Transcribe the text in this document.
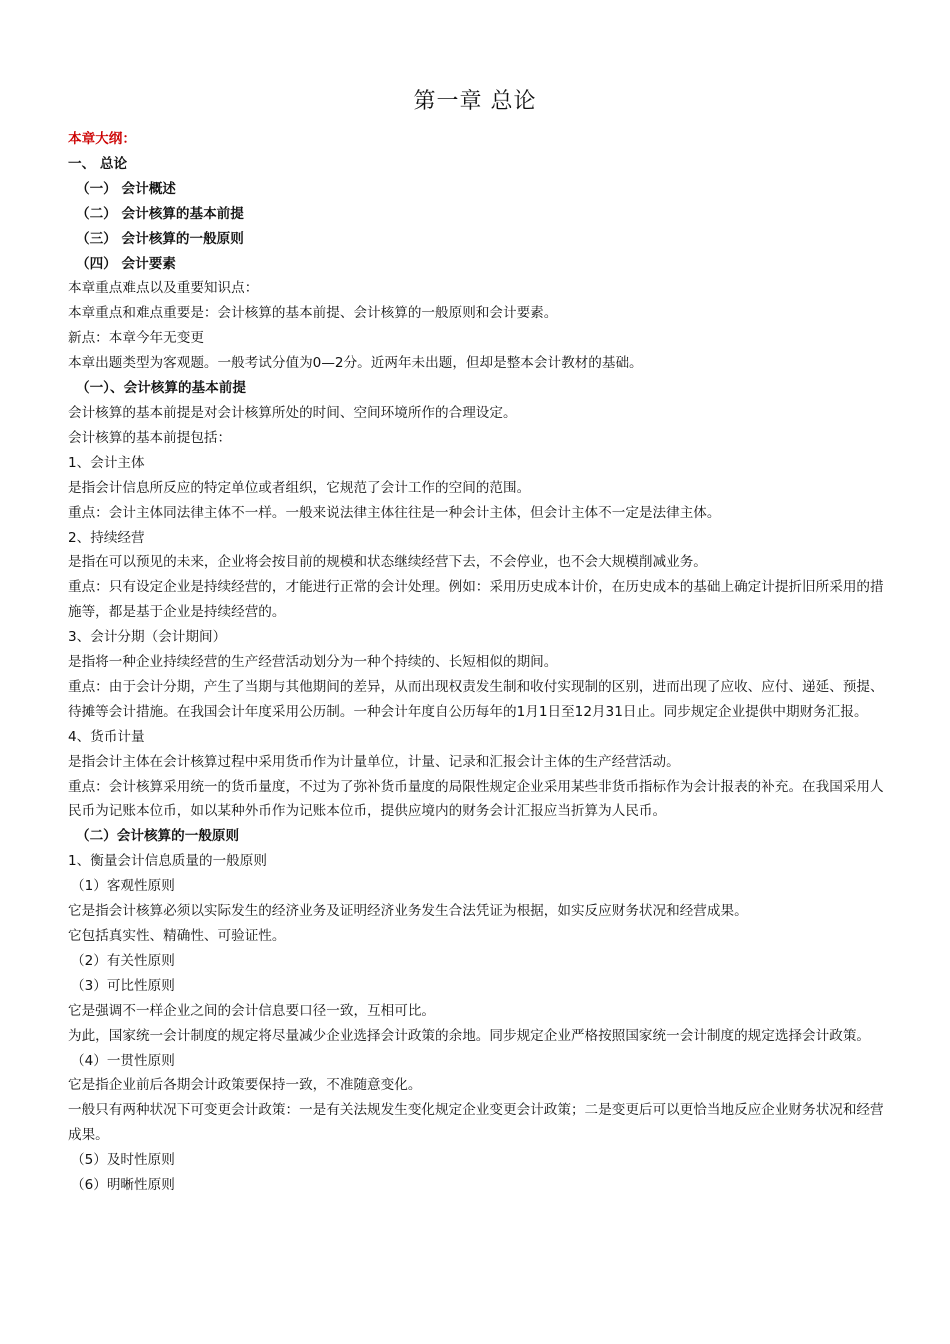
第一章 总论
本章大纲：
一、 总论
（一） 会计概述
（二） 会计核算的基本前提
（三） 会计核算的一般原则
（四） 会计要素
本章重点难点以及重要知识点：
本章重点和难点重要是：会计核算的基本前提、会计核算的一般原则和会计要素。
新点：本章今年无变更
本章出题类型为客观题。一般考试分值为0—2分。近两年未出题，但却是整本会计教材的基础。
（一）、会计核算的基本前提
会计核算的基本前提是对会计核算所处的时间、空间环境所作的合理设定。
会计核算的基本前提包括：
1、会计主体
是指会计信息所反应的特定单位或者组织，它规范了会计工作的空间的范围。
重点：会计主体同法律主体不一样。一般来说法律主体往往是一种会计主体，但会计主体不一定是法律主体。
2、持续经营
是指在可以预见的未来，企业将会按目前的规模和状态继续经营下去，不会停业，也不会大规模削减业务。
重点：只有设定企业是持续经营的，才能进行正常的会计处理。例如：采用历史成本计价，在历史成本的基础上确定计提折旧所采用的措施等，都是基于企业是持续经营的。
3、会计分期（会计期间）
是指将一种企业持续经营的生产经营活动划分为一种个持续的、长短相似的期间。
重点：由于会计分期，产生了当期与其他期间的差异，从而出现权责发生制和收付实现制的区别，进而出现了应收、应付、递延、预提、待摊等会计措施。在我国会计年度采用公历制。一种会计年度自公历每年的1月1日至12月31日止。同步规定企业提供中期财务汇报。
4、货币计量
是指会计主体在会计核算过程中采用货币作为计量单位，计量、记录和汇报会计主体的生产经营活动。
重点：会计核算采用统一的货币量度，不过为了弥补货币量度的局限性规定企业采用某些非货币指标作为会计报表的补充。在我国采用人民币为记账本位币，如以某种外币作为记账本位币，提供应境内的财务会计汇报应当折算为人民币。
（二）会计核算的一般原则
1、衡量会计信息质量的一般原则
（1）客观性原则
它是指会计核算必须以实际发生的经济业务及证明经济业务发生合法凭证为根据，如实反应财务状况和经营成果。
它包括真实性、精确性、可验证性。
（2）有关性原则
（3）可比性原则
它是强调不一样企业之间的会计信息要口径一致，互相可比。
为此，国家统一会计制度的规定将尽量减少企业选择会计政策的余地。同步规定企业严格按照国家统一会计制度的规定选择会计政策。
（4）一贯性原则
它是指企业前后各期会计政策要保持一致，不准随意变化。
一般只有两种状况下可变更会计政策：一是有关法规发生变化规定企业变更会计政策；二是变更后可以更恰当地反应企业财务状况和经营成果。
（5）及时性原则
（6）明晰性原则
